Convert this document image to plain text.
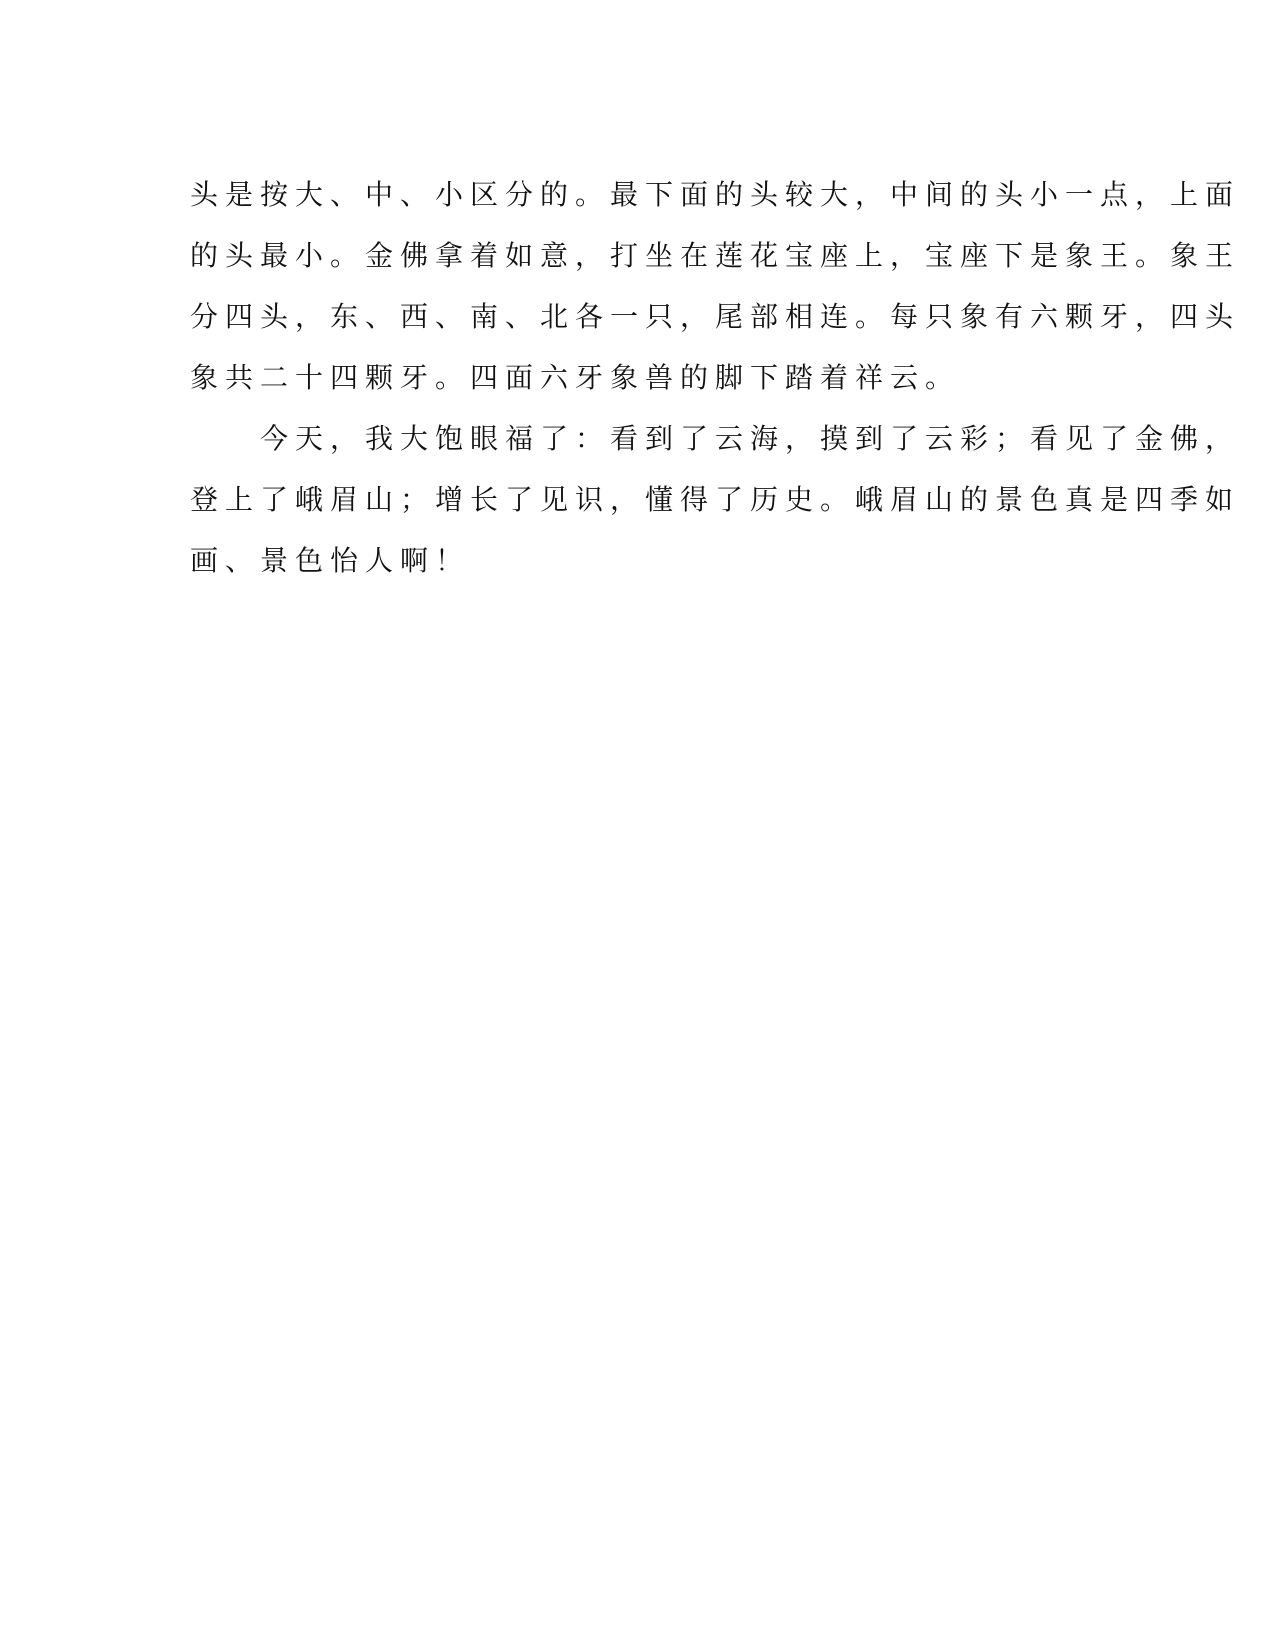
头是按大、中、小区分的。最下面的头较大，中间的头小一点，上面

的头最小。金佛拿着如意，打坐在莲花宝座上，宝座下是象王。象王

分四头，东、西、南、北各一只，尾部相连。每只象有六颗牙，四头

象共二十四颗牙。四面六牙象兽的脚下踏着祥云。

今天，我大饱眼福了：看到了云海，摸到了云彩；看见了金佛，

登上了峨眉山；增长了见识，懂得了历史。峨眉山的景色真是四季如

画、景色怡人啊！
